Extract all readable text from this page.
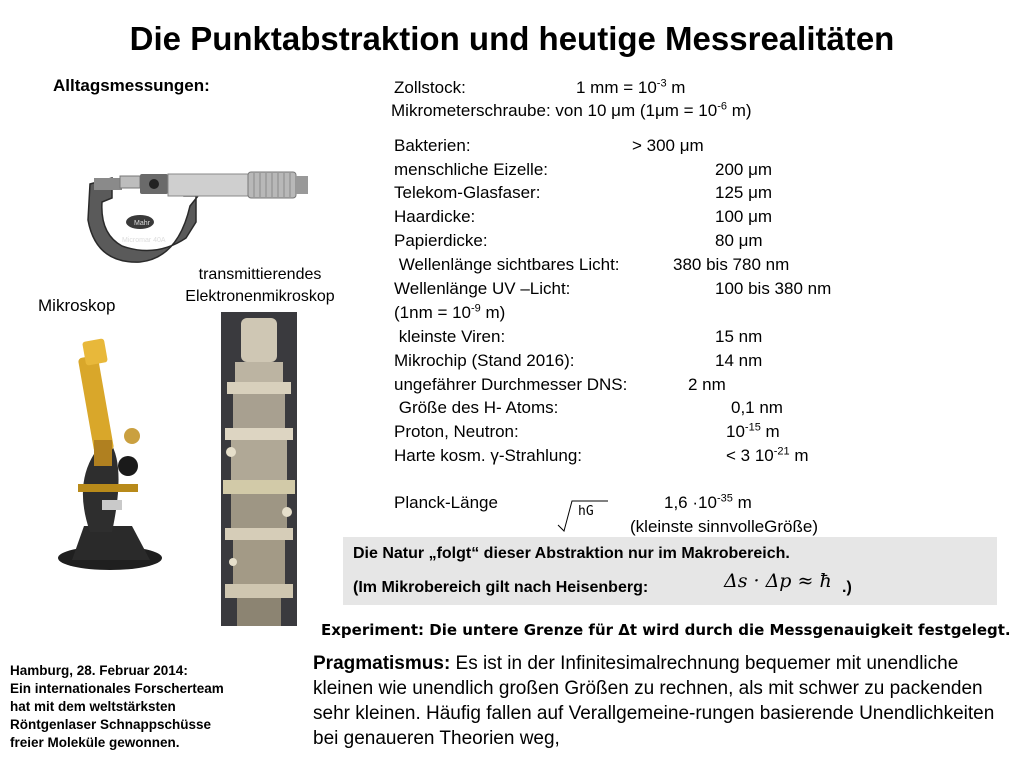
Die Punktabstraktion und heutige Messrealitäten
Alltagsmessungen:	Zollstock:	1 mm = $10^{-3}$ m
Mikrometerschraube: von 10 μm ($1\mu m = 10^{-6}$ m)
Bakterien:	> 300 μm
menschliche Eizelle:	200 μm
Telekom-Glasfaser:	125 μm
Haardicke:	100 μm
Papierdicke:	80 μm
Wellenlänge sichtbares Licht:	380 bis 780 nm
Wellenlänge UV –Licht:	100 bis 380 nm
($1nm = 10^{-9}$ m)
kleinste Viren:	15 nm
Mikrochip (Stand 2016):	14 nm
ungefährer Durchmesser DNS:	2 nm
Größe des H- Atoms:	0,1 nm
Proton, Neutron:	$10^{-15}$ m
Harte kosm. γ-Strahlung:	< 3 $10^{-21}$ m
Planck-Länge	$1,6 \cdot 10^{-35}$ m
hG
(kleinste sinnvolleGröße)
Mahr
Micromar 40A
Mikroskop
transmittierendes
Elektronenmikroskop
Die Natur „folgt“ dieser Abstraktion nur im Makrobereich.
(Im Mikrobereich gilt nach Heisenberg:	Δs · Δp ≈ ħ .)
Experiment: Die untere Grenze für Δt wird durch die Messgenauigkeit festgelegt.
Pragmatismus: Es ist in der Infinitesimalrechnung bequemer mit unendliche kleinen wie unendlich großen Größen zu rechnen, als mit schwer zu packenden sehr kleinen. Häufig fallen auf Verallgemeine-rungen basierende Unendlichkeiten bei genaueren Theorien weg,
Hamburg, 28. Februar 2014:
Ein internationales Forscherteam
hat mit dem weltstärksten
Röntgenlaser Schnappschüsse
freier Moleküle gewonnen.
